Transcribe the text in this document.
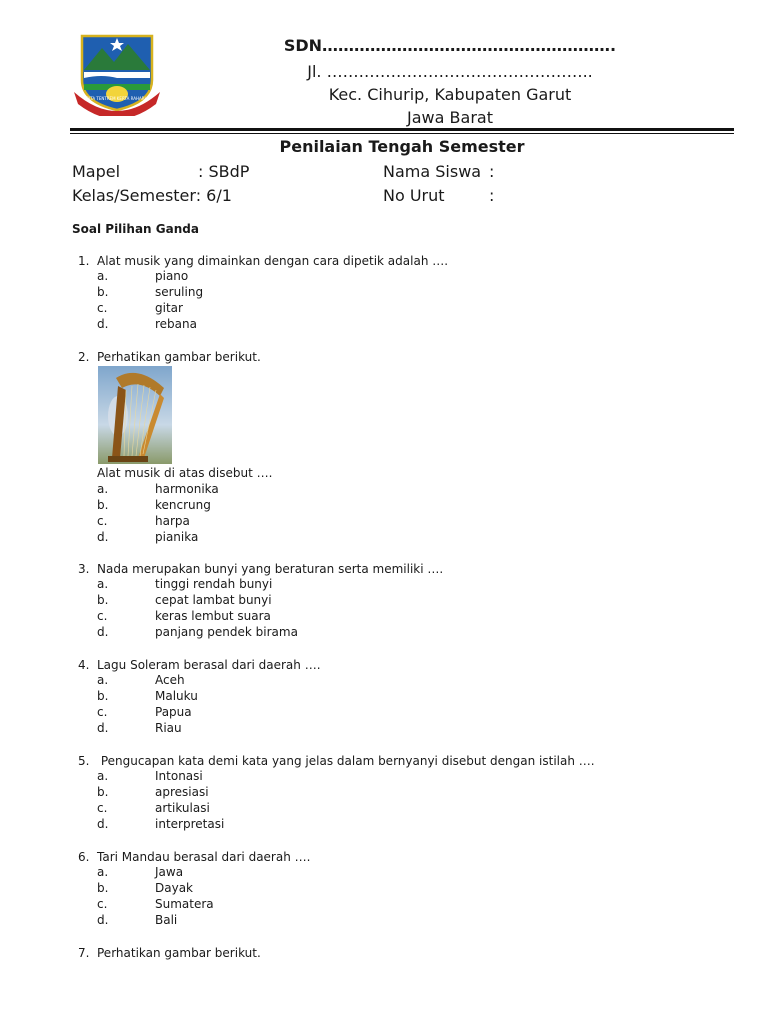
TATA TENTREM KERTA RAHARJA
SDN……………………………………………….
Jl. …………………………………………..
Kec. Cihurip, Kabupaten Garut
Jawa Barat
Penilaian Tengah Semester
Mapel	: SBdP
Kelas/Semester: 6/1
Nama Siswa :
No Urut	:
Soal Pilihan Ganda
1. Alat musik yang dimainkan dengan cara dipetik adalah ….
a.	piano
b.	seruling
c.	gitar
d.	rebana
2. Perhatikan gambar berikut.
Alat musik di atas disebut ….
a.	harmonika
b.	kencrung
c.	harpa
d.	pianika
3. Nada merupakan bunyi yang beraturan serta memiliki ….
a.	tinggi rendah bunyi
b.	cepat lambat bunyi
c.	keras lembut suara
d.	panjang pendek birama
4. Lagu Soleram berasal dari daerah ….
a.	Aceh
b.	Maluku
c.	Papua
d.	Riau
5. Pengucapan kata demi kata yang jelas dalam bernyanyi disebut dengan istilah ….
a.	Intonasi
b.	apresiasi
c.	artikulasi
d.	interpretasi
6. Tari Mandau berasal dari daerah ….
a.	Jawa
b.	Dayak
c.	Sumatera
d.	Bali
7. Perhatikan gambar berikut.
